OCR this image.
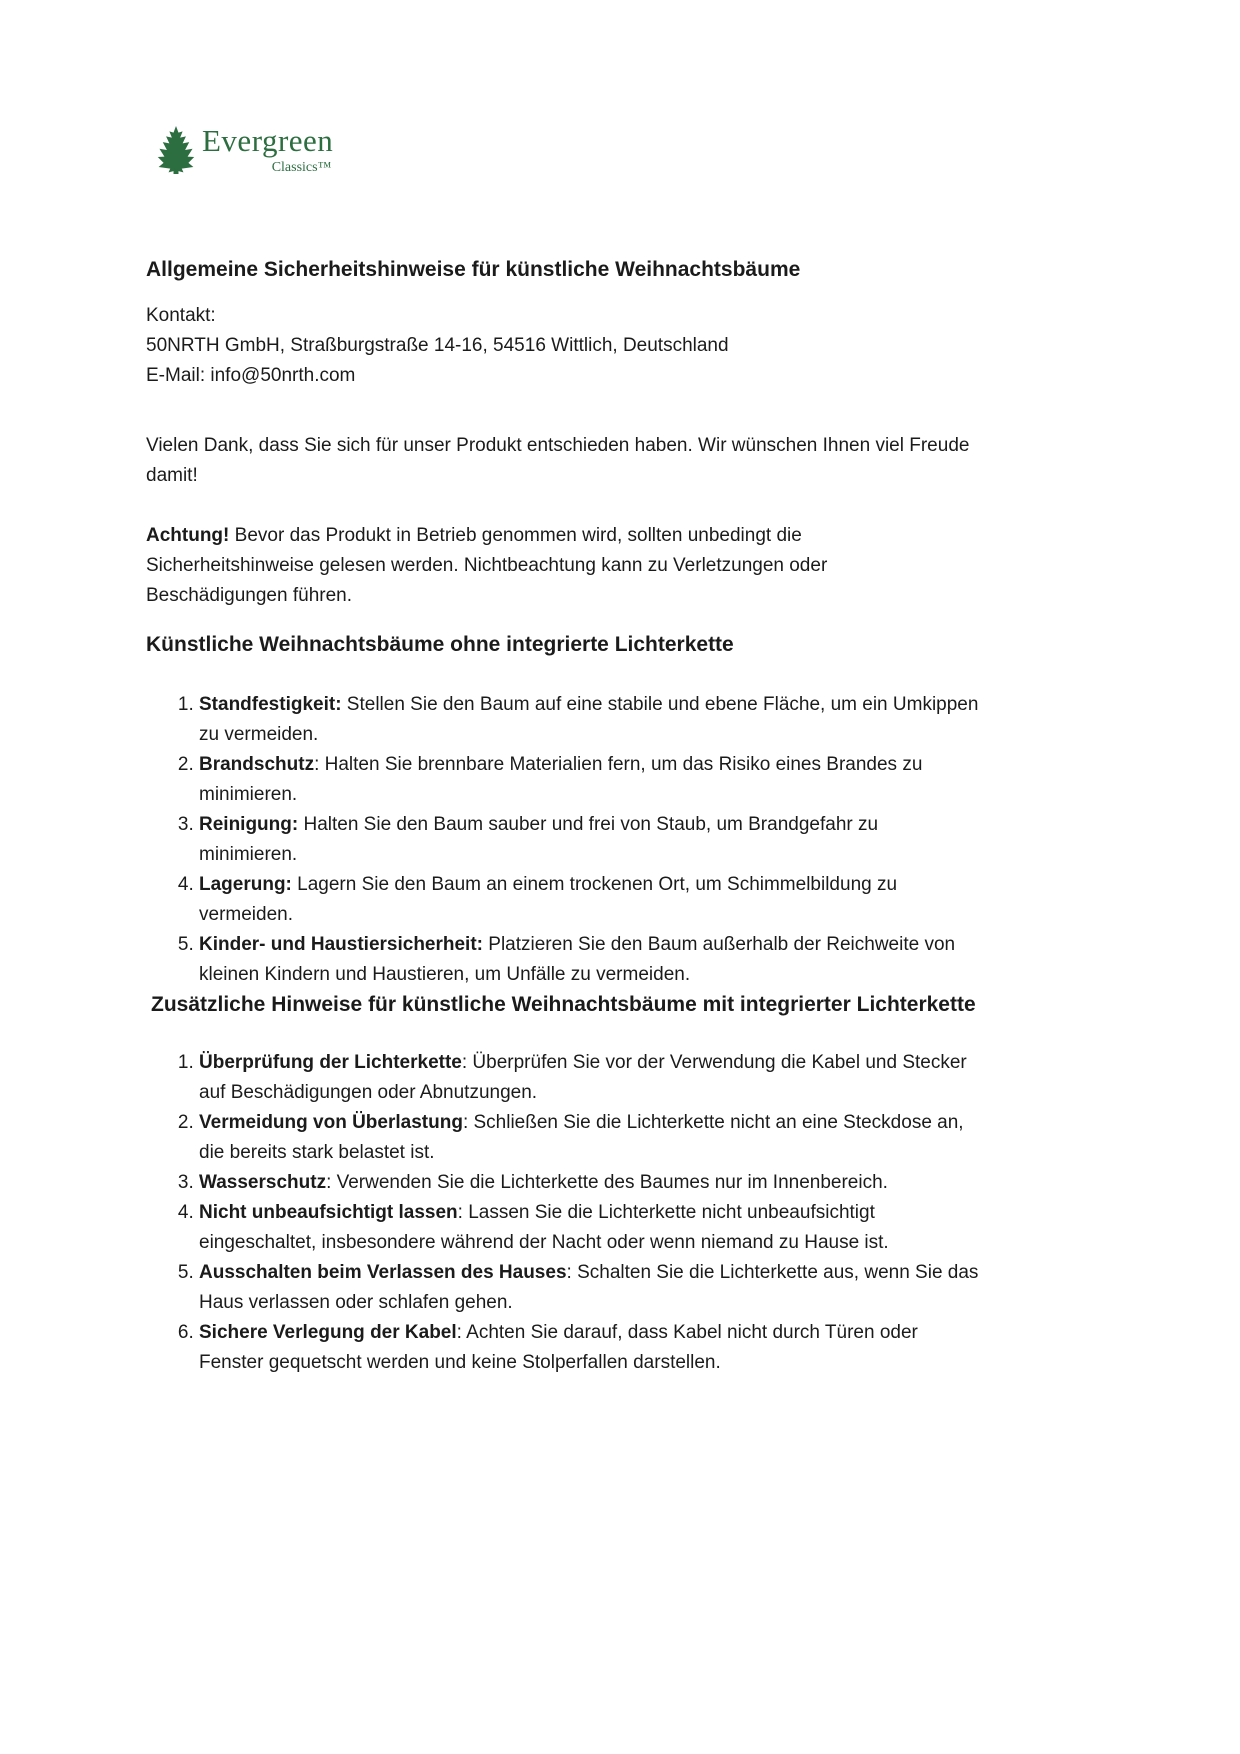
Evergreen
Classics™
Allgemeine Sicherheitshinweise für künstliche Weihnachtsbäume
Kontakt:
50NRTH GmbH, Straßburgstraße 14-16, 54516 Wittlich, Deutschland
E-Mail: info@50nrth.com

Vielen Dank, dass Sie sich für unser Produkt entschieden haben. Wir wünschen Ihnen viel Freude damit!

Achtung! Bevor das Produkt in Betrieb genommen wird, sollten unbedingt die Sicherheitshinweise gelesen werden. Nichtbeachtung kann zu Verletzungen oder Beschädigungen führen.

Künstliche Weihnachtsbäume ohne integrierte Lichterkette
1. Standfestigkeit: Stellen Sie den Baum auf eine stabile und ebene Fläche, um ein Umkippen zu vermeiden.
2. Brandschutz: Halten Sie brennbare Materialien fern, um das Risiko eines Brandes zu minimieren.
3. Reinigung: Halten Sie den Baum sauber und frei von Staub, um Brandgefahr zu minimieren.
4. Lagerung: Lagern Sie den Baum an einem trockenen Ort, um Schimmelbildung zu vermeiden.
5. Kinder- und Haustiersicherheit: Platzieren Sie den Baum außerhalb der Reichweite von kleinen Kindern und Haustieren, um Unfälle zu vermeiden.
Zusätzliche Hinweise für künstliche Weihnachtsbäume mit integrierter Lichterkette
1. Überprüfung der Lichterkette: Überprüfen Sie vor der Verwendung die Kabel und Stecker auf Beschädigungen oder Abnutzungen.
2. Vermeidung von Überlastung: Schließen Sie die Lichterkette nicht an eine Steckdose an, die bereits stark belastet ist.
3. Wasserschutz: Verwenden Sie die Lichterkette des Baumes nur im Innenbereich.
4. Nicht unbeaufsichtigt lassen: Lassen Sie die Lichterkette nicht unbeaufsichtigt eingeschaltet, insbesondere während der Nacht oder wenn niemand zu Hause ist.
5. Ausschalten beim Verlassen des Hauses: Schalten Sie die Lichterkette aus, wenn Sie das Haus verlassen oder schlafen gehen.
6. Sichere Verlegung der Kabel: Achten Sie darauf, dass Kabel nicht durch Türen oder Fenster gequetscht werden und keine Stolperfallen darstellen.
